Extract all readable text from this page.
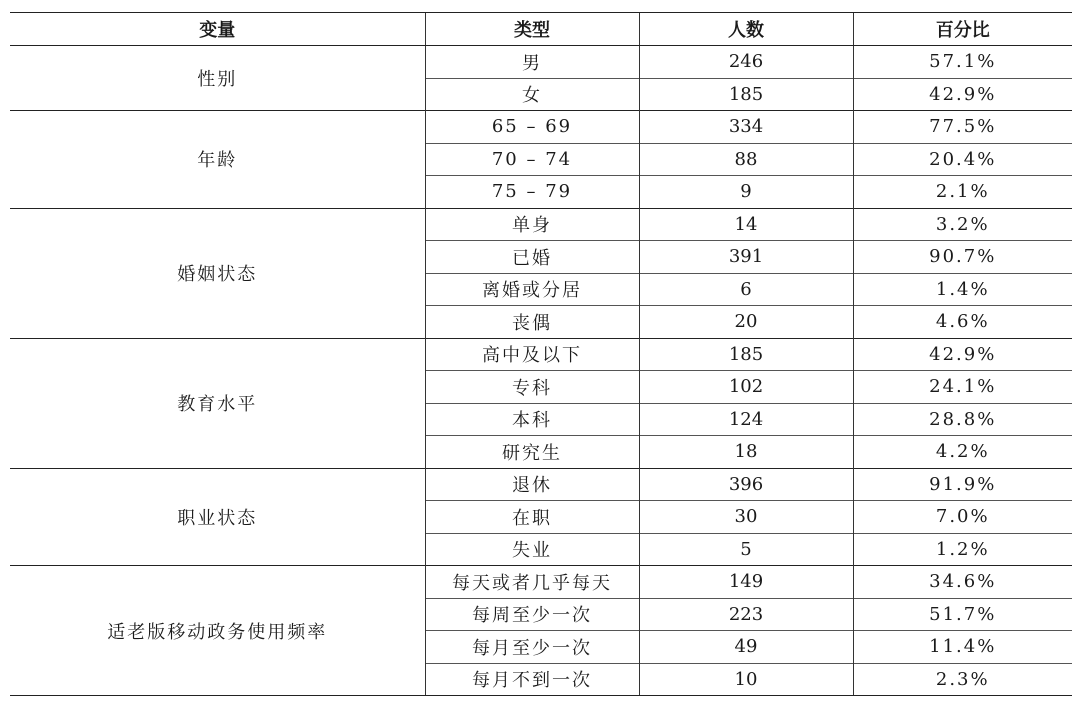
变量	类型	人数	百分比
性别	男	246	57.1%
	女	185	42.9%
年龄	65 – 69	334	77.5%
	70 – 74	88	20.4%
	75 – 79	9	2.1%
婚姻状态	单身	14	3.2%
	已婚	391	90.7%
	离婚或分居	6	1.4%
	丧偶	20	4.6%
教育水平	高中及以下	185	42.9%
	专科	102	24.1%
	本科	124	28.8%
	研究生	18	4.2%
职业状态	退休	396	91.9%
	在职	30	7.0%
	失业	5	1.2%
适老版移动政务使用频率	每天或者几乎每天	149	34.6%
	每周至少一次	223	51.7%
	每月至少一次	49	11.4%
	每月不到一次	10	2.3%
